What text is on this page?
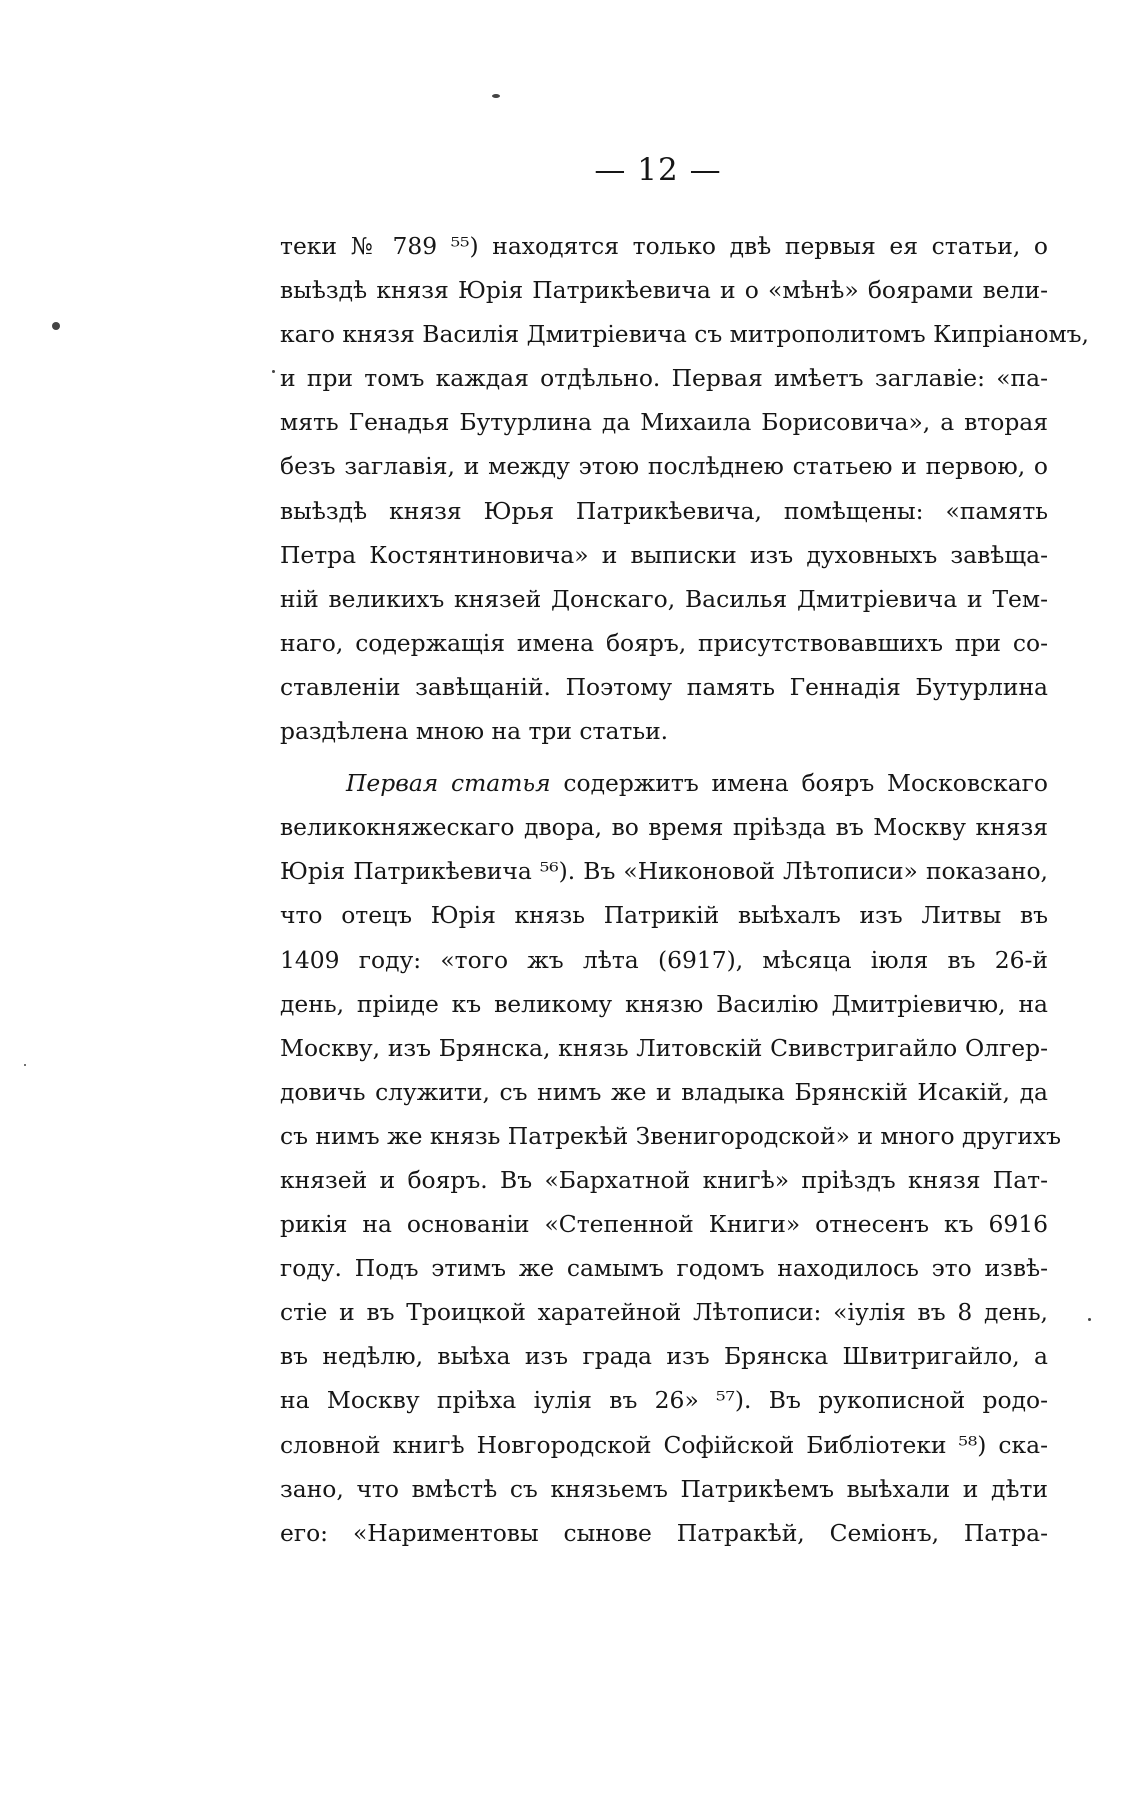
— 12 —
теки № 789 ⁵⁵) находятся только двѣ первыя ея статьи, о
выѣздѣ князя Юрія Патрикѣевича и о «мѣнѣ» боярами вели-
каго князя Василія Дмитріевича съ митрополитомъ Кипріаномъ,
и при томъ каждая отдѣльно. Первая имѣетъ заглавіе: «па-
мять Генадья Бутурлина да Михаила Борисовича», а вторая
безъ заглавія, и между этою послѣднею статьею и первою, о
выѣздѣ князя Юрья Патрикѣевича, помѣщены: «память
Петра Костянтиновича» и выписки изъ духовныхъ завѣща-
ній великихъ князей Донскаго, Василья Дмитріевича и Тем-
наго, содержащія имена бояръ, присутствовавшихъ при со-
ставленіи завѣщаній. Поэтому память Геннадія Бутурлина
раздѣлена мною на три статьи.
Первая статья содержитъ имена бояръ Московскаго
великокняжескаго двора, во время пріѣзда въ Москву князя
Юрія Патрикѣевича ⁵⁶). Въ «Никоновой Лѣтописи» показано,
что отецъ Юрія князь Патрикій выѣхалъ изъ Литвы въ
1409 году: «того жъ лѣта (6917), мѣсяца іюля въ 26-й
день, пріиде къ великому князю Василію Дмитріевичю, на
Москву, изъ Брянска, князь Литовскій Свивстригайло Олгер-
довичь служити, съ нимъ же и владыка Брянскій Исакій, да
съ нимъ же князь Патрекѣй Звенигородской» и много другихъ
князей и бояръ. Въ «Бархатной книгѣ» пріѣздъ князя Пат-
рикія на основаніи «Степенной Книги» отнесенъ къ 6916
году. Подъ этимъ же самымъ годомъ находилось это извѣ-
стіе и въ Троицкой харатейной Лѣтописи: «іулія въ 8 день,
въ недѣлю, выѣха изъ града изъ Брянска Швитригайло, а
на Москву пріѣха іулія въ 26» ⁵⁷). Въ рукописной родо-
словной книгѣ Новгородской Софійской Библіотеки ⁵⁸) ска-
зано, что вмѣстѣ съ князьемъ Патрикѣемъ выѣхали и дѣти
его: «Нариментовы сынове Патракѣй, Семіонъ, Патра-
